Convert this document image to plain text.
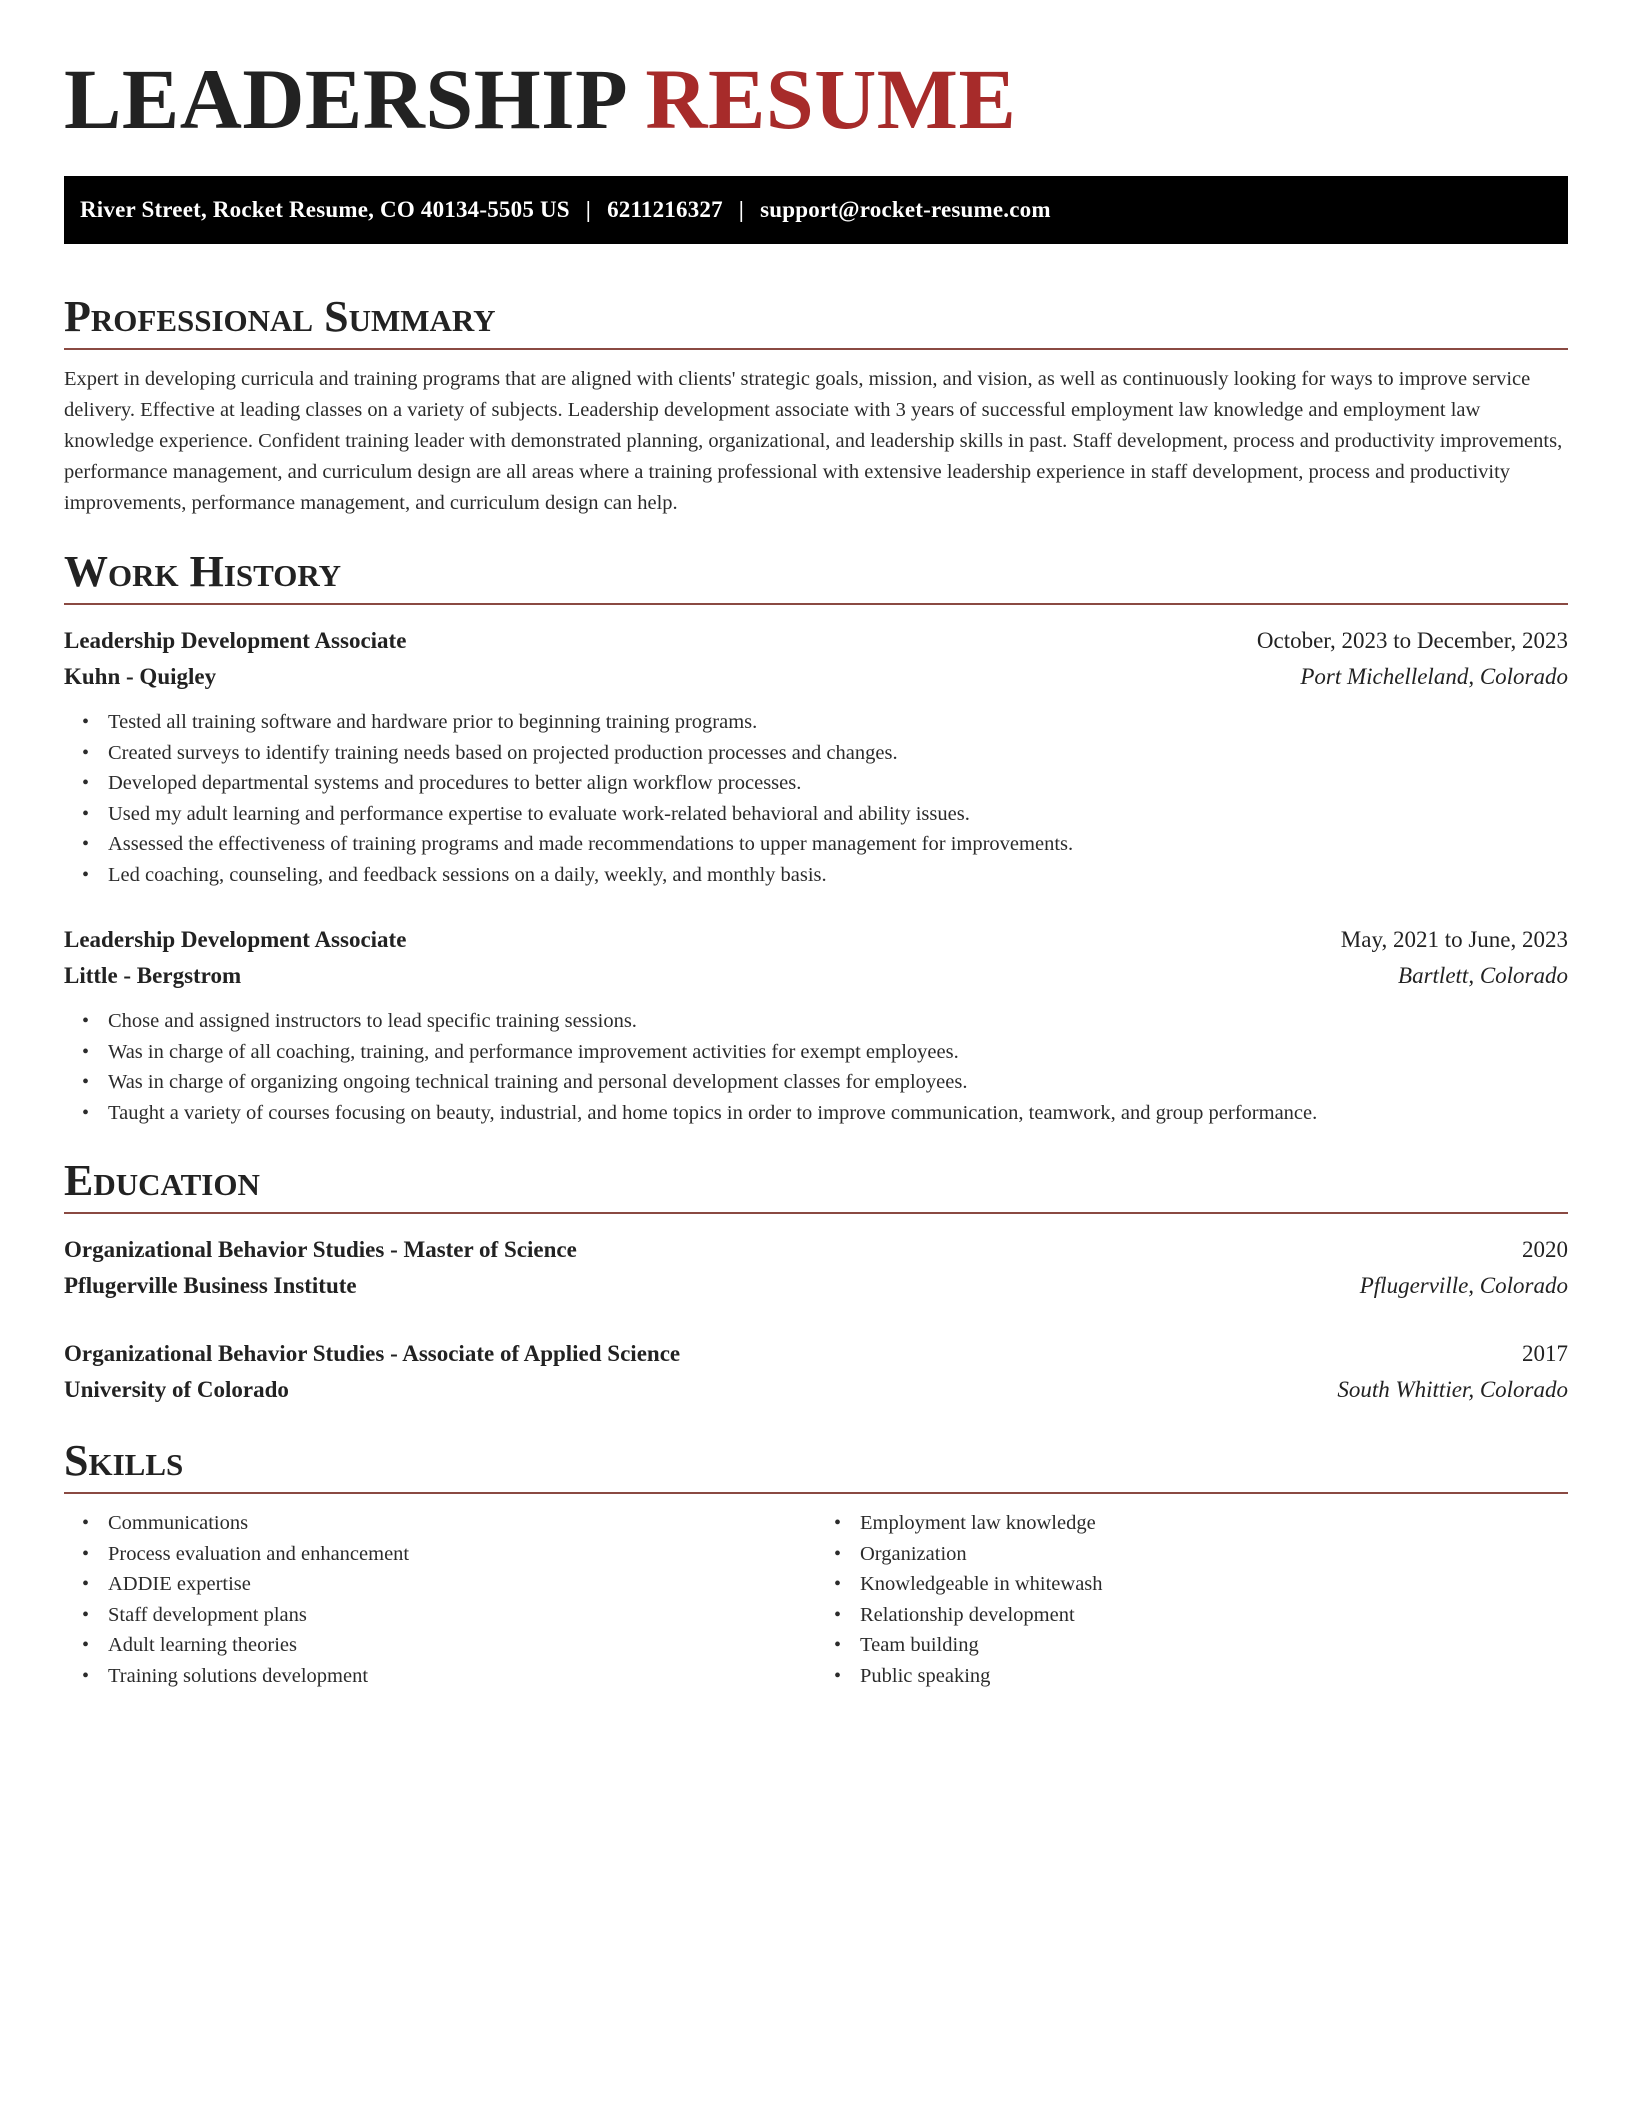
LEADERSHIP RESUME
River Street, Rocket Resume, CO 40134-5505 US | 6211216327 | support@rocket-resume.com
Professional Summary

Expert in developing curricula and training programs that are aligned with clients' strategic goals, mission, and vision, as well as continuously looking for ways to improve service delivery. Effective at leading classes on a variety of subjects. Leadership development associate with 3 years of successful employment law knowledge and employment law knowledge experience. Confident training leader with demonstrated planning, organizational, and leadership skills in past. Staff development, process and productivity improvements, performance management, and curriculum design are all areas where a training professional with extensive leadership experience in staff development, process and productivity improvements, performance management, and curriculum design can help.

Work History
Leadership Development Associate	October, 2023 to December, 2023
Kuhn - Quigley	Port Michelleland, Colorado
• Tested all training software and hardware prior to beginning training programs.
• Created surveys to identify training needs based on projected production processes and changes.
• Developed departmental systems and procedures to better align workflow processes.
• Used my adult learning and performance expertise to evaluate work-related behavioral and ability issues.
• Assessed the effectiveness of training programs and made recommendations to upper management for improvements.
• Led coaching, counseling, and feedback sessions on a daily, weekly, and monthly basis.
Leadership Development Associate	May, 2021 to June, 2023
Little - Bergstrom	Bartlett, Colorado
• Chose and assigned instructors to lead specific training sessions.
• Was in charge of all coaching, training, and performance improvement activities for exempt employees.
• Was in charge of organizing ongoing technical training and personal development classes for employees.
• Taught a variety of courses focusing on beauty, industrial, and home topics in order to improve communication, teamwork, and group performance.
Education
Organizational Behavior Studies - Master of Science	2020
Pflugerville Business Institute	Pflugerville, Colorado
Organizational Behavior Studies - Associate of Applied Science	2017
University of Colorado	South Whittier, Colorado
Skills
• Communications
• Process evaluation and enhancement
• ADDIE expertise
• Staff development plans
• Adult learning theories
• Training solutions development
• Employment law knowledge
• Organization
• Knowledgeable in whitewash
• Relationship development
• Team building
• Public speaking
